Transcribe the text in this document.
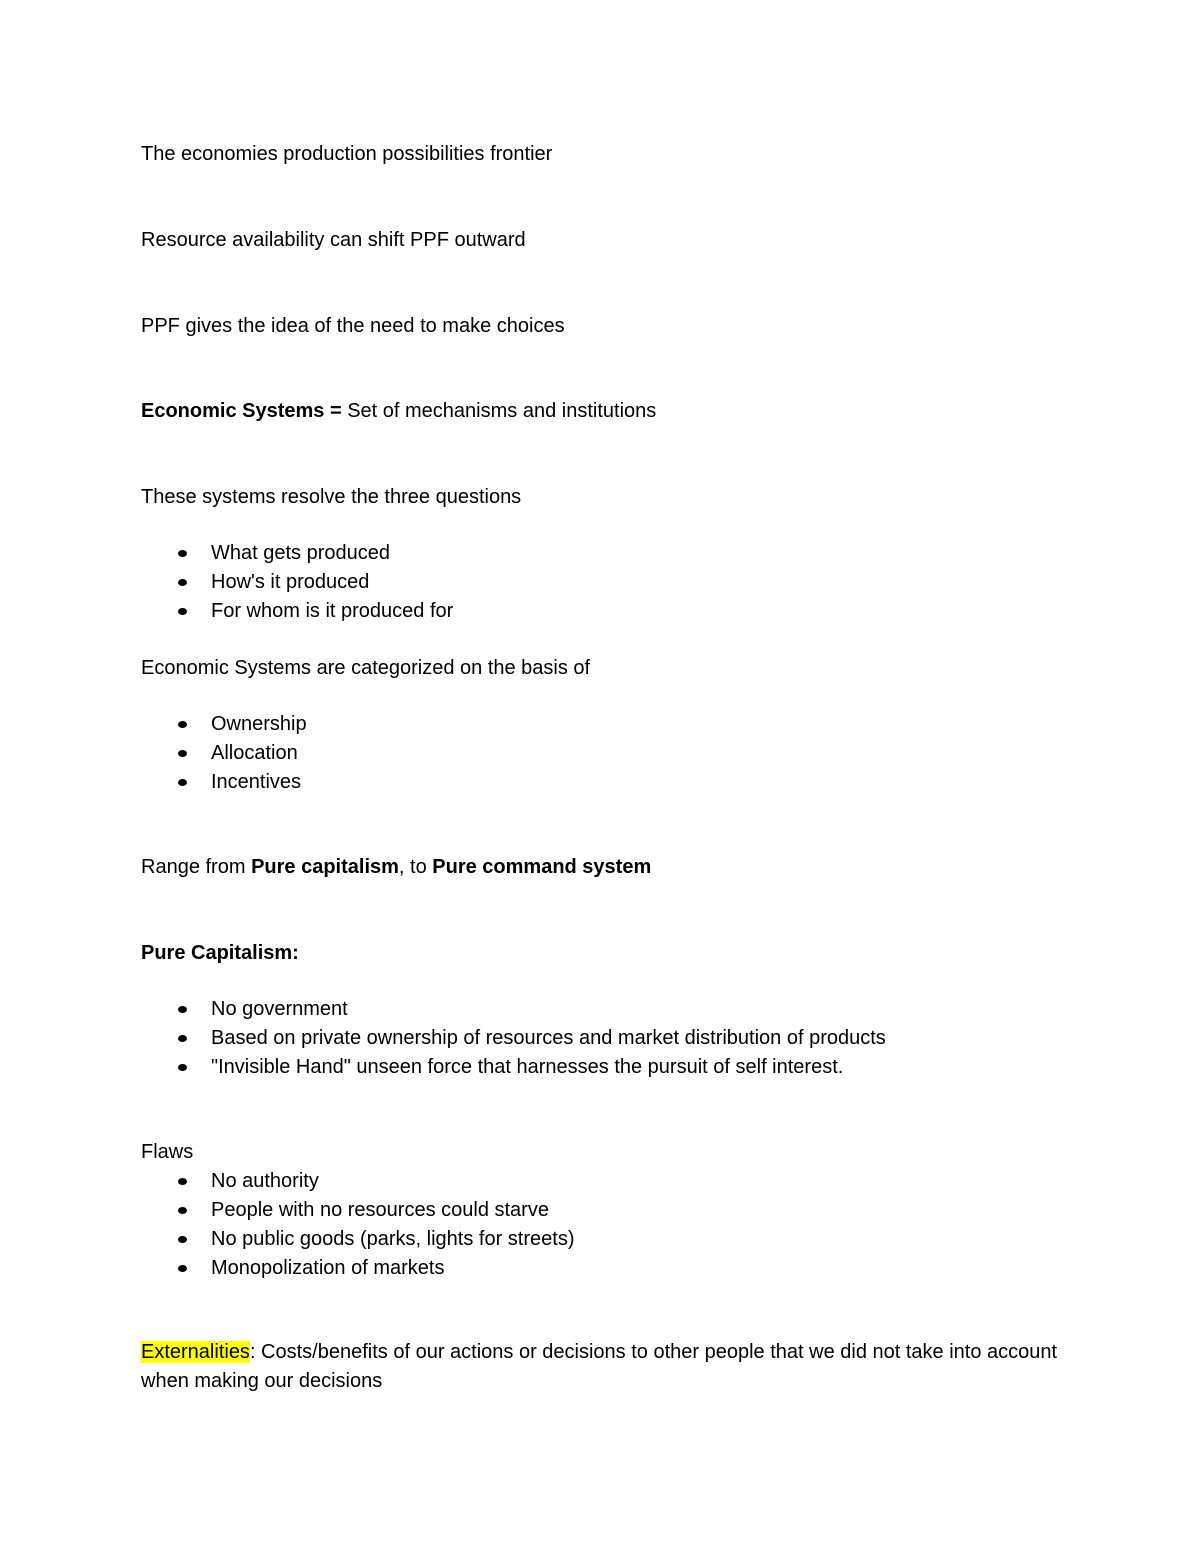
The economies production possibilities frontier
Resource availability can shift PPF outward
PPF gives the idea of the need to make choices
Economic Systems = Set of mechanisms and institutions
These systems resolve the three questions
What gets produced
How's it produced
For whom is it produced for
Economic Systems are categorized on the basis of
Ownership
Allocation
Incentives
Range from Pure capitalism, to Pure command system
Pure Capitalism:
No government
Based on private ownership of resources and market distribution of products
"Invisible Hand" unseen force that harnesses the pursuit of self interest.
Flaws
No authority
People with no resources could starve
No public goods (parks, lights for streets)
Monopolization of markets
Externalities: Costs/benefits of our actions or decisions to other people that we did not take into account when making our decisions
